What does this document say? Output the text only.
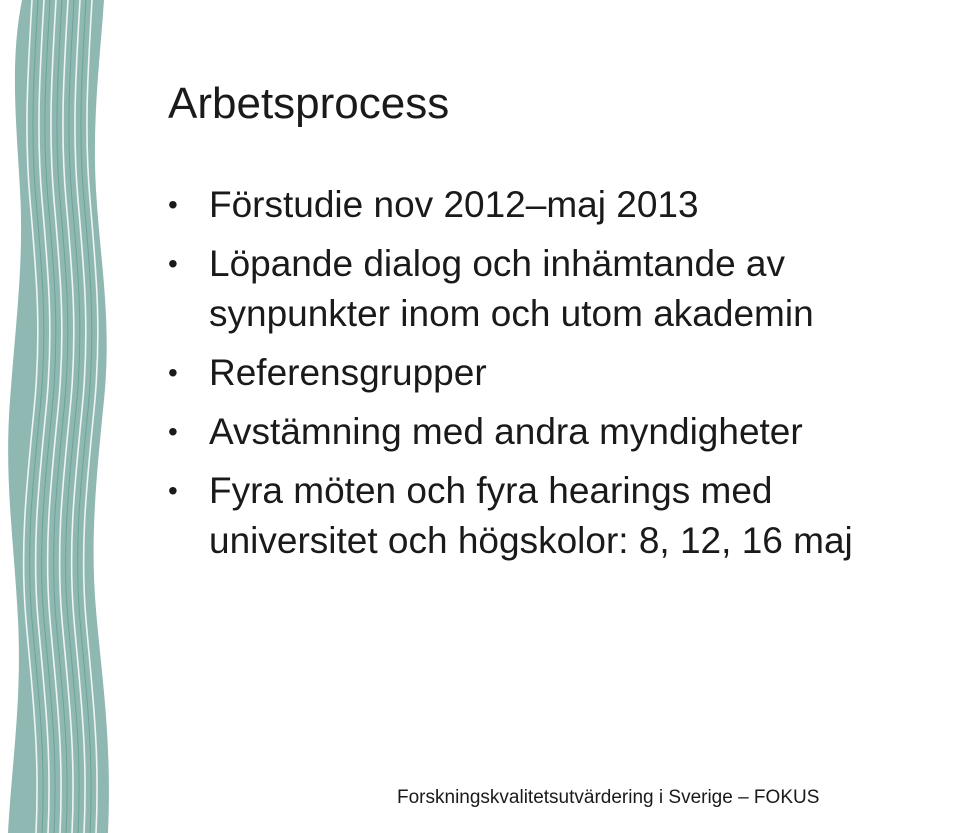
Arbetsprocess
• Förstudie nov 2012–maj 2013
• Löpande dialog och inhämtande av
synpunkter inom och utom akademin
• Referensgrupper
• Avstämning med andra myndigheter
• Fyra möten och fyra hearings med
universitet och högskolor: 8, 12, 16 maj
Forskningskvalitetsutvärdering i Sverige – FOKUS
